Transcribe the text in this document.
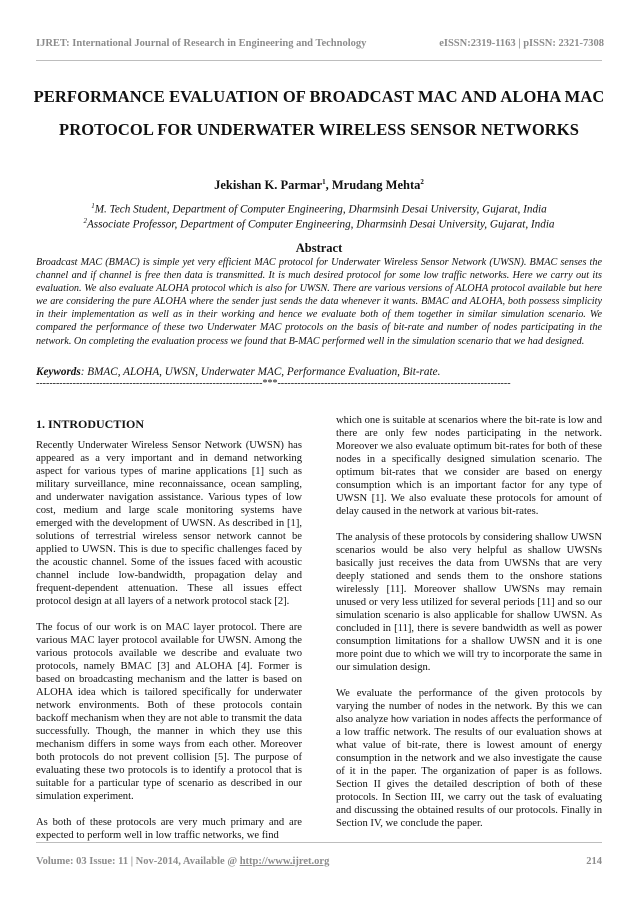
IJRET: International Journal of Research in Engineering and Technology	eISSN:2319-1163 | pISSN: 2321-7308
PERFORMANCE EVALUATION OF BROADCAST MAC AND ALOHA MAC PROTOCOL FOR UNDERWATER WIRELESS SENSOR NETWORKS
Jekishan K. Parmar$^1$, Mrudang Mehta$^2$
$^1$M. Tech Student, Department of Computer Engineering, Dharmsinh Desai University, Gujarat, India
$^2$Associate Professor, Department of Computer Engineering, Dharmsinh Desai University, Gujarat, India
Abstract
Broadcast MAC (BMAC) is simple yet very efficient MAC protocol for Underwater Wireless Sensor Network (UWSN). BMAC senses the channel and if channel is free then data is transmitted. It is much desired protocol for some low traffic networks. Here we carry out its evaluation. We also evaluate ALOHA protocol which is also for UWSN. There are various versions of ALOHA protocol available but here we are considering the pure ALOHA where the sender just sends the data whenever it wants. BMAC and ALOHA, both possess simplicity in their implementation as well as in their working and hence we evaluate both of them together in similar simulation scenario. We compared the performance of these two Underwater MAC protocols on the basis of bit-rate and number of nodes participating in the network. On completing the evaluation process we found that B-MAC performed well in the simulation scenario that we had designed.
Keywords: BMAC, ALOHA, UWSN, Underwater MAC, Performance Evaluation, Bit-rate.
--------------------------------------------------------------------***----------------------------------------------------------------------
1. INTRODUCTION

Recently Underwater Wireless Sensor Network (UWSN) has appeared as a very important and in demand networking aspect for various types of marine applications [1] such as military surveillance, mine reconnaissance, ocean sampling, and underwater navigation assistance. Various types of low cost, medium and large scale monitoring systems have emerged with the development of UWSN. As described in [1], solutions of terrestrial wireless sensor network cannot be applied to UWSN. This is due to specific challenges faced by the acoustic channel. Some of the issues faced with acoustic channel include low-bandwidth, propagation delay and frequent-dependent attenuation. These all issues effect protocol design at all layers of a network protocol stack [2].

The focus of our work is on MAC layer protocol. There are various MAC layer protocol available for UWSN. Among the various protocols available we describe and evaluate two protocols, namely BMAC [3] and ALOHA [4]. Former is based on broadcasting mechanism and the latter is based on ALOHA idea which is tailored specifically for underwater network environments. Both of these protocols contain backoff mechanism when they are not able to transmit the data successfully. Though, the manner in which they use this mechanism differs in some ways from each other. Moreover both protocols do not prevent collision [5]. The purpose of evaluating these two protocols is to identify a protocol that is suitable for a particular type of scenario as described in our simulation experiment.

As both of these protocols are very much primary and are expected to perform well in low traffic networks, we find

which one is suitable at scenarios where the bit-rate is low and there are only few nodes participating in the network. Moreover we also evaluate optimum bit-rates for both of these nodes in a specifically designed simulation scenario. The optimum bit-rates that we consider are based on energy consumption which is an important factor for any type of UWSN [1]. We also evaluate these protocols for amount of delay caused in the network at various bit-rates.

The analysis of these protocols by considering shallow UWSN scenarios would be also very helpful as shallow UWSNs basically just receives the data from UWSNs that are very deeply stationed and sends them to the onshore stations wirelessly [11]. Moreover shallow UWSNs may remain unused or very less utilized for several periods [11] and so our simulation scenario is also applicable for shallow UWSN. As concluded in [11], there is severe bandwidth as well as power consumption limitations for a shallow UWSN and it is one more point due to which we will try to incorporate the same in our simulation design.

We evaluate the performance of the given protocols by varying the number of nodes in the network. By this we can also analyze how variation in nodes affects the performance of a low traffic network. The results of our evaluation shows at what value of bit-rate, there is lowest amount of energy consumption in the network and we also investigate the cause of it in the paper. The organization of paper is as follows. Section II gives the detailed description of both of these protocols. In Section III, we carry out the task of evaluating and discussing the obtained results of our protocols. Finally in Section IV, we conclude the paper.

Volume: 03 Issue: 11 | Nov-2014, Available @ http://www.ijret.org	214
